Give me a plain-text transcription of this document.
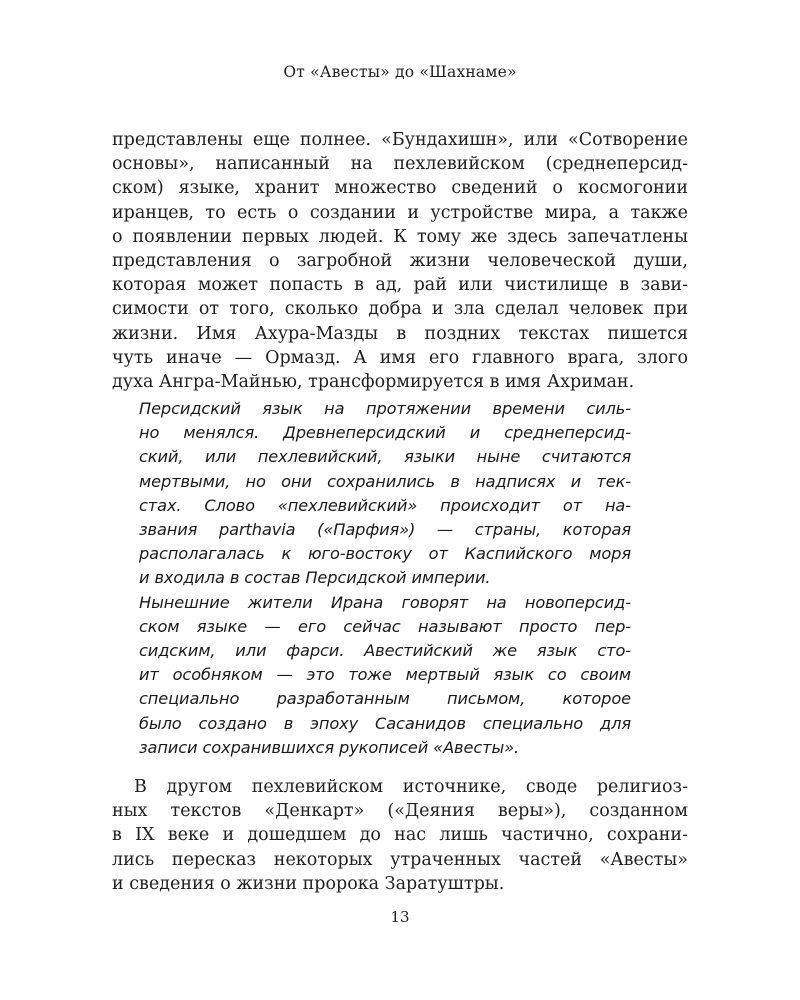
От «Авесты» до «Шахнаме»
представлены еще полнее. «Бундахишн», или «Сотворение
основы», написанный на пехлевийском (среднеперсид-
ском) языке, хранит множество сведений о космогонии
иранцев, то есть о создании и устройстве мира, а также
о появлении первых людей. К тому же здесь запечатлены
представления о загробной жизни человеческой души,
которая может попасть в ад, рай или чистилище в зави-
симости от того, сколько добра и зла сделал человек при
жизни. Имя Ахура-Мазды в поздних текстах пишется
чуть иначе — Ормазд. А имя его главного врага, злого
духа Ангра-Майнью, трансформируется в имя Ахриман.
Персидский язык на протяжении времени силь-
но менялся. Древнеперсидский и среднеперсид-
ский, или пехлевийский, языки ныне считаются
мертвыми, но они сохранились в надписях и тек-
стах. Слово «пехлевийский» происходит от на-
звания parthavia («Парфия») — страны, которая
располагалась к юго-востоку от Каспийского моря
и входила в состав Персидской империи.
Нынешние жители Ирана говорят на новоперсид-
ском языке — его сейчас называют просто пер-
сидским, или фарси. Авестийский же язык сто-
ит особняком — это тоже мертвый язык со своим
специально разработанным письмом, которое
было создано в эпоху Сасанидов специально для
записи сохранившихся рукописей «Авесты».
В другом пехлевийском источнике, своде религиоз-
ных текстов «Денкарт» («Деяния веры»), созданном
в IX веке и дошедшем до нас лишь частично, сохрани-
лись пересказ некоторых утраченных частей «Авесты»
и сведения о жизни пророка Заратуштры.
13
